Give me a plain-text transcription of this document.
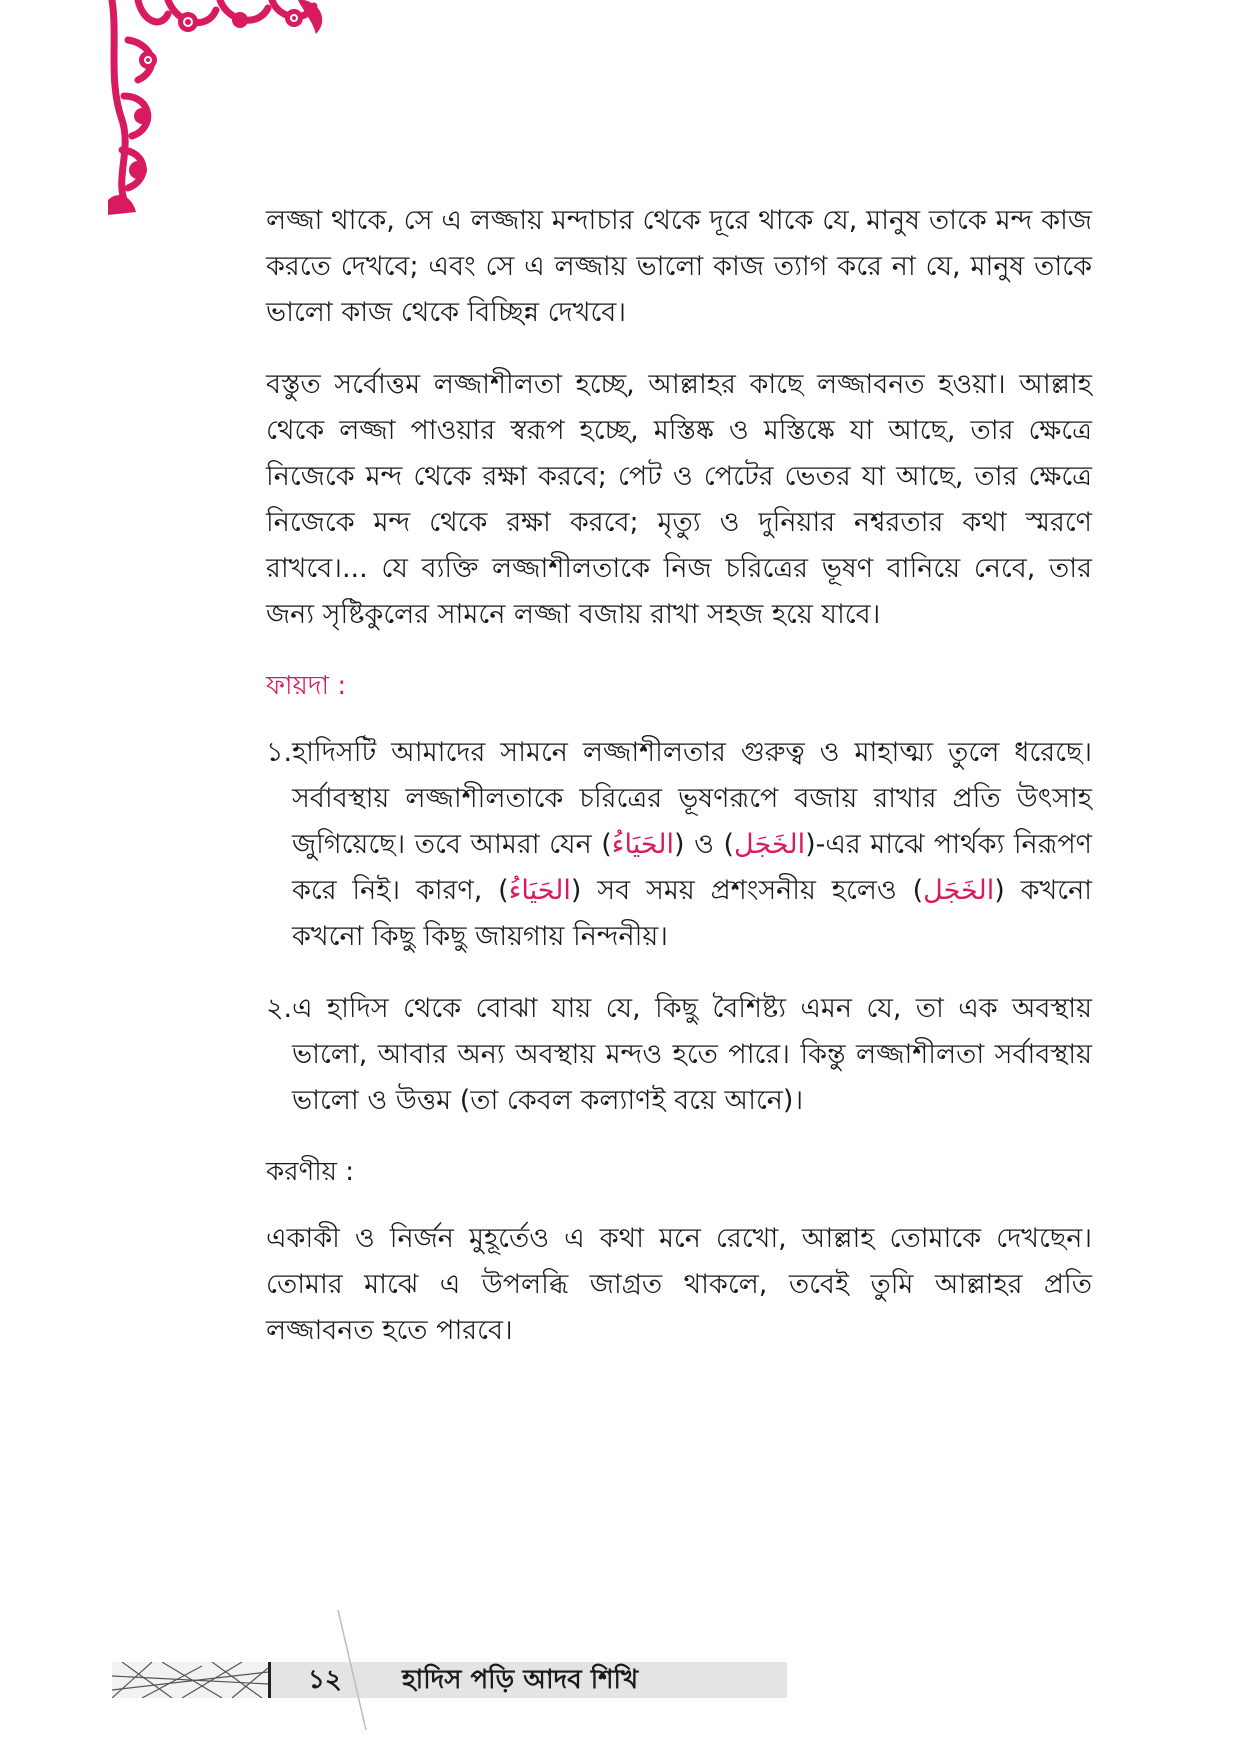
লজ্জা থাকে, সে এ লজ্জায় মন্দাচার থেকে দূরে থাকে যে, মানুষ তাকে মন্দ কাজ করতে দেখবে; এবং সে এ লজ্জায় ভালো কাজ ত্যাগ করে না যে, মানুষ তাকে ভালো কাজ থেকে বিচ্ছিন্ন দেখবে।

বস্তুত সর্বোত্তম লজ্জাশীলতা হচ্ছে, আল্লাহর কাছে লজ্জাবনত হওয়া। আল্লাহ থেকে লজ্জা পাওয়ার স্বরূপ হচ্ছে, মস্তিষ্ক ও মস্তিষ্কে যা আছে, তার ক্ষেত্রে নিজেকে মন্দ থেকে রক্ষা করবে; পেট ও পেটের ভেতর যা আছে, তার ক্ষেত্রে নিজেকে মন্দ থেকে রক্ষা করবে; মৃত্যু ও দুনিয়ার নশ্বরতার কথা স্মরণে রাখবে।... যে ব্যক্তি লজ্জাশীলতাকে নিজ চরিত্রের ভূষণ বানিয়ে নেবে, তার জন্য সৃষ্টিকুলের সামনে লজ্জা বজায় রাখা সহজ হয়ে যাবে।

ফায়দা :
১. হাদিসটি আমাদের সামনে লজ্জাশীলতার গুরুত্ব ও মাহাত্ম্য তুলে ধরেছে। সর্বাবস্থায় লজ্জাশীলতাকে চরিত্রের ভূষণরূপে বজায় রাখার প্রতি উৎসাহ জুগিয়েছে। তবে আমরা যেন (الحَيَاءُ) ও (الخَجَل)-এর মাঝে পার্থক্য নিরূপণ করে নিই। কারণ, (الحَيَاءُ) সব সময় প্রশংসনীয় হলেও (الخَجَل) কখনো কখনো কিছু কিছু জায়গায় নিন্দনীয়।
২. এ হাদিস থেকে বোঝা যায় যে, কিছু বৈশিষ্ট্য এমন যে, তা এক অবস্থায় ভালো, আবার অন্য অবস্থায় মন্দও হতে পারে। কিন্তু লজ্জাশীলতা সর্বাবস্থায় ভালো ও উত্তম (তা কেবল কল্যাণই বয়ে আনে)।
করণীয় :

একাকী ও নির্জন মুহূর্তেও এ কথা মনে রেখো, আল্লাহ তোমাকে দেখছেন। তোমার মাঝে এ উপলব্ধি জাগ্রত থাকলে, তবেই তুমি আল্লাহর প্রতি লজ্জাবনত হতে পারবে।

১২ হাদিস পড়ি আদব শিখি
